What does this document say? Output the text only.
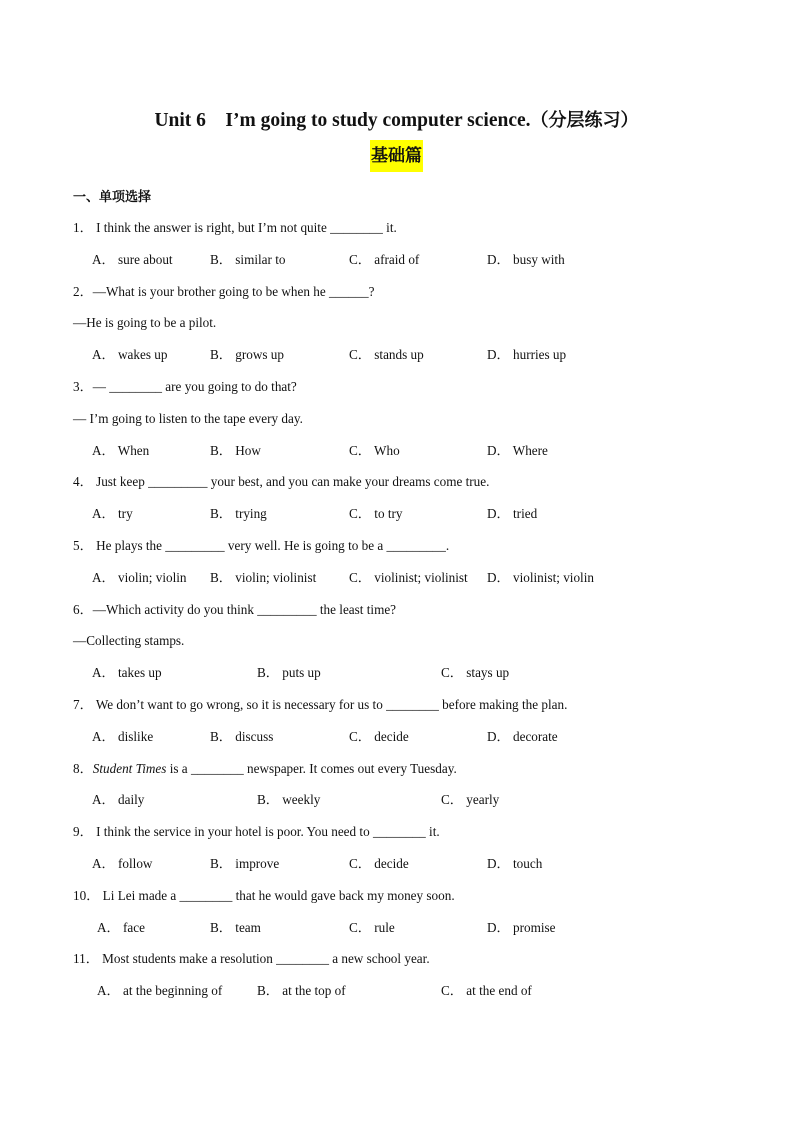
Unit 6　I’m going to study computer science.（分层练习）
基础篇
一、单项选择
1． I think the answer is right, but I’m not quite ________ it.
A． sure about	B． similar to	C． afraid of	D． busy with
2．—What is your brother going to be when he ______?
—He is going to be a pilot.
A． wakes up	B． grows up	C． stands up	D． hurries up
3．— ________ are you going to do that?
— I’m going to listen to the tape every day.
A． When	B． How	C． Who	D． Where
4． Just keep _________ your best, and you can make your dreams come true.
A． try	B． trying	C． to try	D． tried
5． He plays the _________ very well. He is going to be a _________.
A． violin; violin B． violin; violinist C． violinist; violinist D． violinist; violin
6．—Which activity do you think _________ the least time?
—Collecting stamps.
A． takes up	B． puts up	C． stays up
7． We don’t want to go wrong, so it is necessary for us to ________ before making the plan.
A． dislike	B． discuss	C． decide	D． decorate
8．Student Times is a ________ newspaper. It comes out every Tuesday.
A． daily	B． weekly	C． yearly
9． I think the service in your hotel is poor. You need to ________ it.
A． follow	B． improve	C． decide	D． touch
10． Li Lei made a ________ that he would gave back my money soon.
A． face	B． team	C． rule	D． promise
11． Most students make a resolution ________ a new school year.
A． at the beginning of	B． at the top of	C． at the end of
